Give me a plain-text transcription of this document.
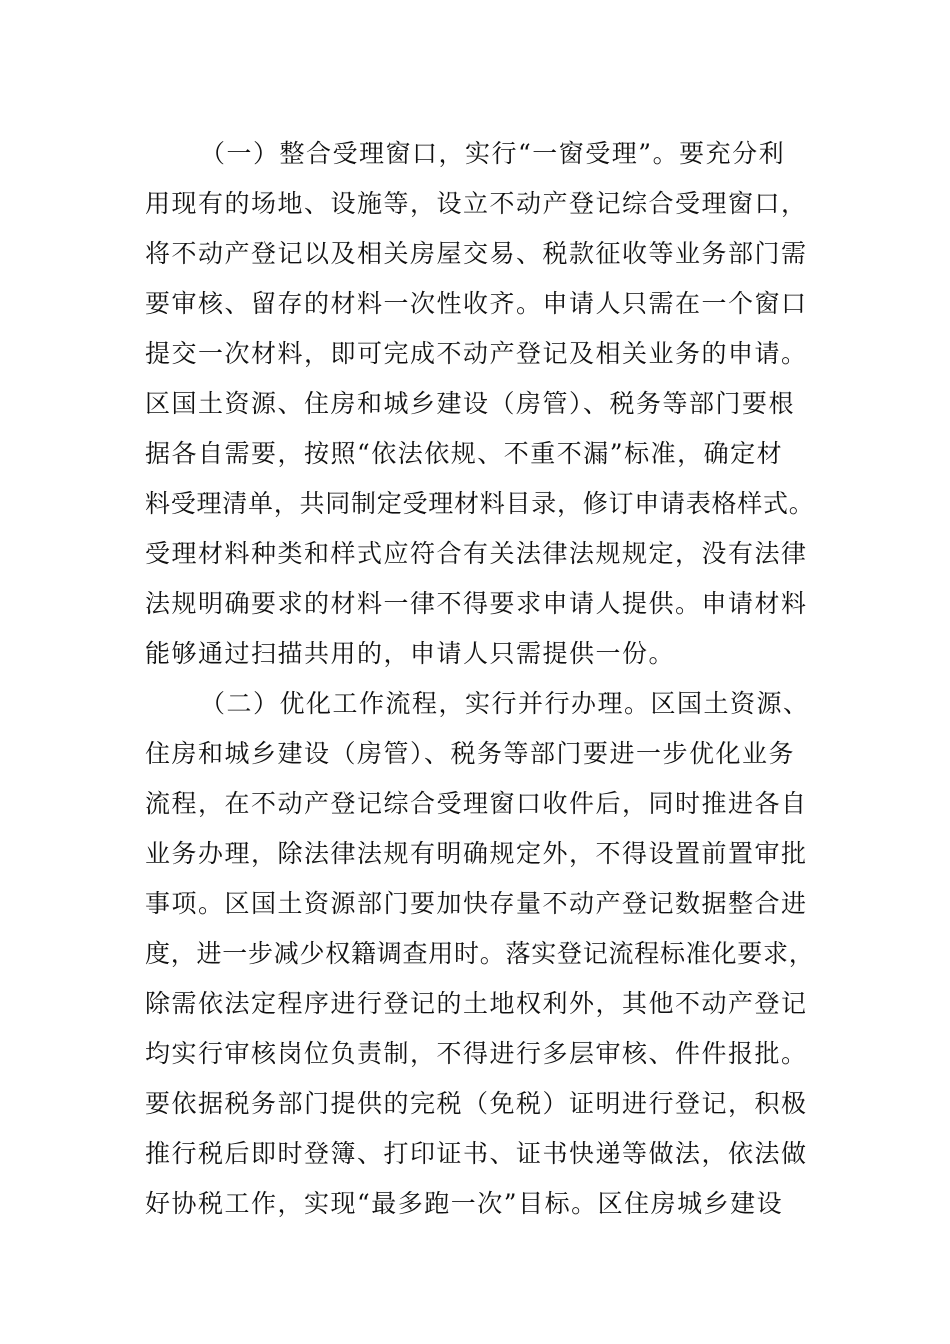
（一）整合受理窗口，实行“一窗受理”。要充分利
用现有的场地、设施等，设立不动产登记综合受理窗口，
将不动产登记以及相关房屋交易、税款征收等业务部门需
要审核、留存的材料一次性收齐。申请人只需在一个窗口
提交一次材料，即可完成不动产登记及相关业务的申请。
区国土资源、住房和城乡建设（房管）、税务等部门要根
据各自需要，按照“依法依规、不重不漏”标准，确定材
料受理清单，共同制定受理材料目录，修订申请表格样式。
受理材料种类和样式应符合有关法律法规规定，没有法律
法规明确要求的材料一律不得要求申请人提供。申请材料
能够通过扫描共用的，申请人只需提供一份。
（二）优化工作流程，实行并行办理。区国土资源、
住房和城乡建设（房管）、税务等部门要进一步优化业务
流程，在不动产登记综合受理窗口收件后，同时推进各自
业务办理，除法律法规有明确规定外，不得设置前置审批
事项。区国土资源部门要加快存量不动产登记数据整合进
度，进一步减少权籍调查用时。落实登记流程标准化要求，
除需依法定程序进行登记的土地权利外，其他不动产登记
均实行审核岗位负责制，不得进行多层审核、件件报批。
要依据税务部门提供的完税（免税）证明进行登记，积极
推行税后即时登簿、打印证书、证书快递等做法，依法做
好协税工作，实现“最多跑一次”目标。区住房城乡建设
